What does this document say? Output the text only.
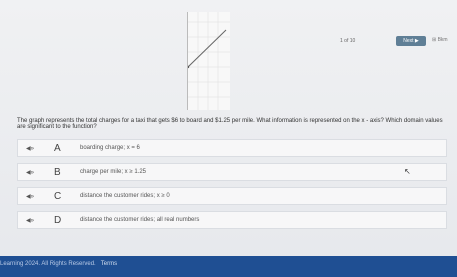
1 of 10	Next ▶	⊞ Bkm
The graph represents the total charges for a taxi that gets $6 to board and $1.25 per mile. What information is represented on the x - axis? Which domain values are significant to the function?
◀» A	boarding charge; x = 6
◀» B	charge per mile; x ≥ 1.25
◀» C	distance the customer rides; x ≥ 0
◀» D	distance the customer rides; all real numbers
↖
Learning 2024. All Rights Reserved. Terms
